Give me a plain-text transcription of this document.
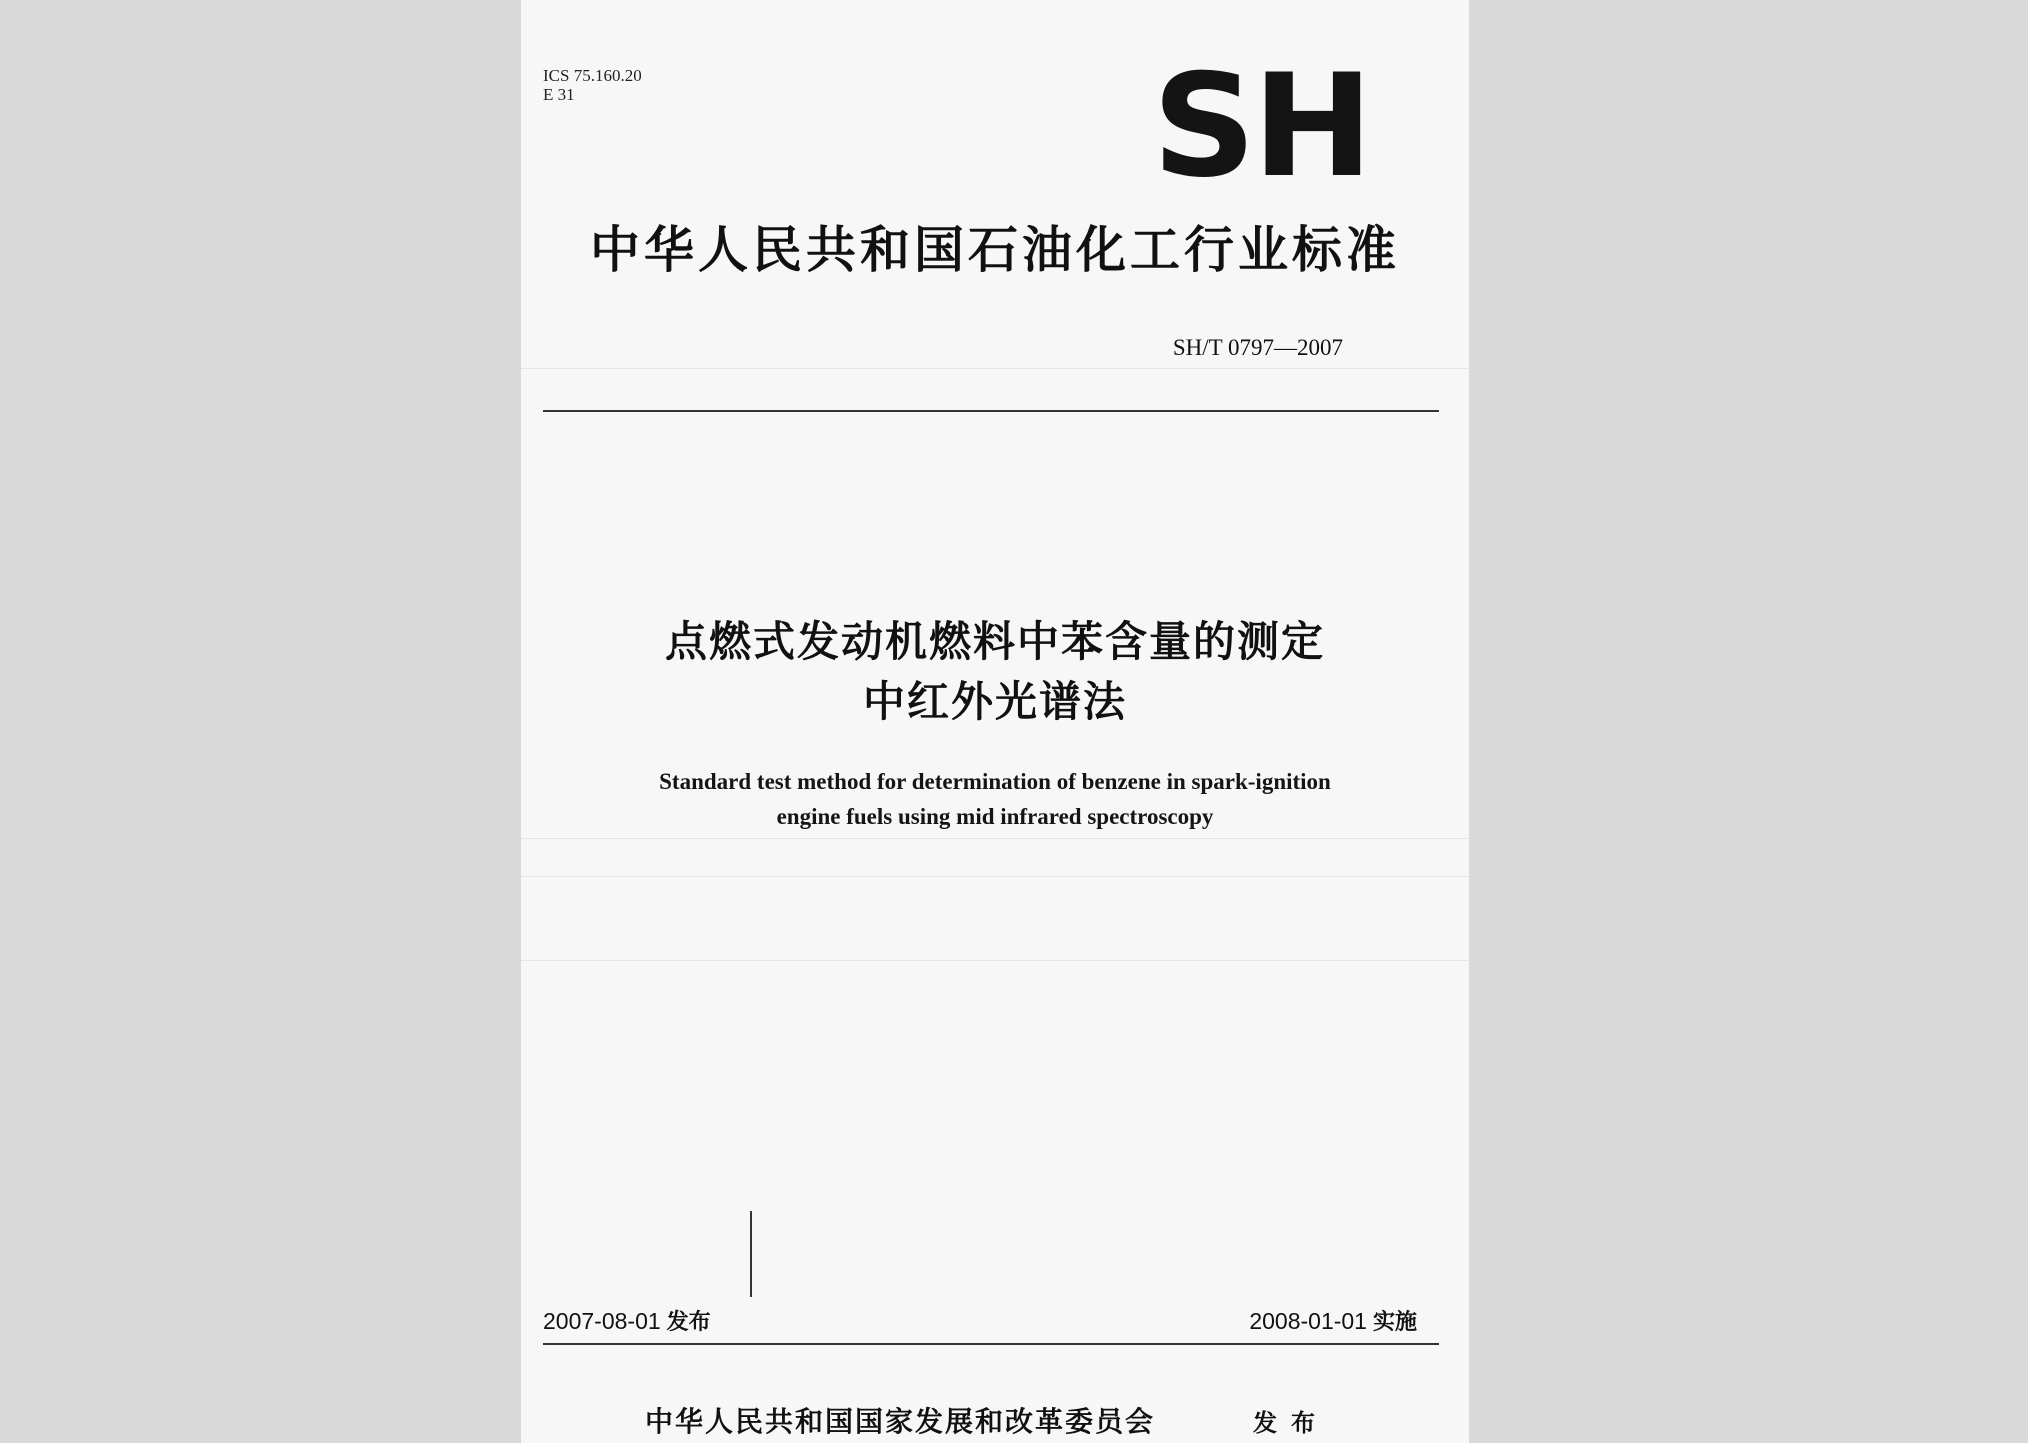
ICS 75.160.20
E 31	SH
中华人民共和国石油化工行业标准
SH/T 0797—2007
点燃式发动机燃料中苯含量的测定
中红外光谱法
Standard test method for determination of benzene in spark-ignition
engine fuels using mid infrared spectroscopy
2007-08-01 发布	2008-01-01 实施
中华人民共和国国家发展和改革委员会	发布
